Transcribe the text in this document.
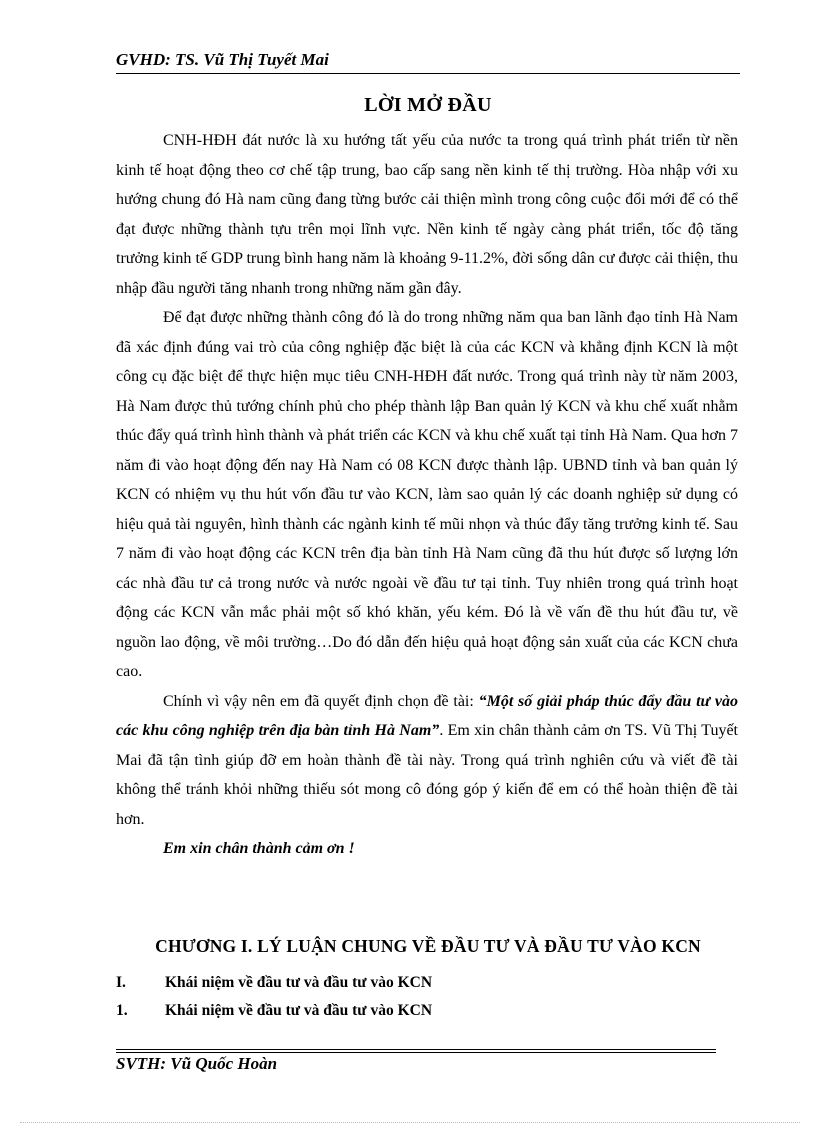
GVHD: TS. Vũ Thị Tuyết Mai
LỜI MỞ ĐẦU

CNH-HĐH đát nước là xu hướng tất yếu của nước ta trong quá trình phát triển từ nền kinh tế hoạt động theo cơ chế tập trung, bao cấp sang nền kinh tế thị trường. Hòa nhập với xu hướng chung đó Hà nam cũng đang từng bước cải thiện mình trong công cuộc đổi mới để có thể đạt được những thành tựu trên mọi lĩnh vực. Nền kinh tế ngày càng phát triển, tốc độ tăng trưởng kinh tế GDP trung bình hang năm là khoảng 9-11.2%, đời sống dân cư được cải thiện, thu nhập đầu người tăng nhanh trong những năm gần đây.

Để đạt được những thành công đó là do trong những năm qua ban lãnh đạo tỉnh Hà Nam đã xác định đúng vai trò của công nghiệp đặc biệt là của các KCN và khẳng định KCN là một công cụ đặc biệt để thực hiện mục tiêu CNH-HĐH đất nước. Trong quá trình này từ năm 2003, Hà Nam được thủ tướng chính phủ cho phép thành lập Ban quản lý KCN và khu chế xuất nhằm thúc đẩy quá trình hình thành và phát triển các KCN và khu chế xuất tại tỉnh Hà Nam. Qua hơn 7 năm đi vào hoạt động đến nay Hà Nam có 08 KCN được thành lập. UBND tỉnh và ban quản lý KCN có nhiệm vụ thu hút vốn đầu tư vào KCN, làm sao quản lý các doanh nghiệp sử dụng có hiệu quả tài nguyên, hình thành các ngành kinh tế mũi nhọn và thúc đẩy tăng trưởng kinh tế. Sau 7 năm đi vào hoạt động các KCN trên địa bàn tỉnh Hà Nam cũng đã thu hút được số lượng lớn các nhà đầu tư cả trong nước và nước ngoài về đầu tư tại tỉnh. Tuy nhiên trong quá trình hoạt động các KCN vẫn mắc phải một số khó khăn, yếu kém. Đó là về vấn đề thu hút đầu tư, về nguồn lao động, về môi trường…Do đó dẫn đến hiệu quả hoạt động sản xuất của các KCN chưa cao.

Chính vì vậy nên em đã quyết định chọn đề tài: “Một số giải pháp thúc đẩy đầu tư vào các khu công nghiệp trên địa bàn tỉnh Hà Nam”. Em xin chân thành cảm ơn TS. Vũ Thị Tuyết Mai đã tận tình giúp đỡ em hoàn thành đề tài này. Trong quá trình nghiên cứu và viết đề tài không thể tránh khỏi những thiếu sót mong cô đóng góp ý kiến để em có thể hoàn thiện đề tài hơn.

Em xin chân thành cảm ơn !

CHƯƠNG I. LÝ LUẬN CHUNG VỀ ĐẦU TƯ VÀ ĐẦU TƯ VÀO KCN
I.	Khái niệm về đầu tư và đầu tư vào KCN
1. Khái niệm về đầu tư và đầu tư vào KCN
SVTH: Vũ Quốc Hoàn
